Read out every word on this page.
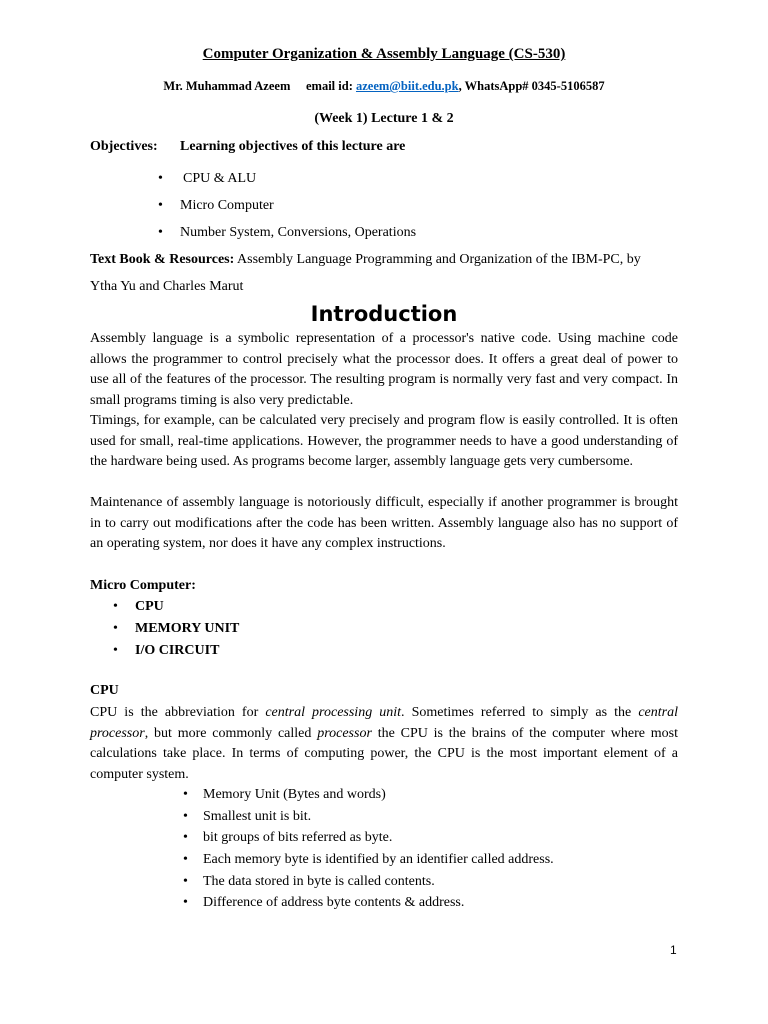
Computer Organization & Assembly Language (CS-530)
Mr. Muhammad Azeem email id: azeem@biit.edu.pk, WhatsApp# 0345-5106587
(Week 1) Lecture 1 & 2
Objectives: Learning objectives of this lecture are
• CPU & ALU
• Micro Computer
• Number System, Conversions, Operations
Text Book & Resources: Assembly Language Programming and Organization of the IBM-PC, by
Ytha Yu and Charles Marut
Introduction
Assembly language is a symbolic representation of a processor's native code. Using machine code allows the programmer to control precisely what the processor does. It offers a great deal of power to use all of the features of the processor. The resulting program is normally very fast and very compact. In small programs timing is also very predictable.
Timings, for example, can be calculated very precisely and program flow is easily controlled. It is often used for small, real-time applications. However, the programmer needs to have a good understanding of the hardware being used. As programs become larger, assembly language gets very cumbersome.
Maintenance of assembly language is notoriously difficult, especially if another programmer is brought in to carry out modifications after the code has been written. Assembly language also has no support of an operating system, nor does it have any complex instructions.
Micro Computer:
• CPU
• MEMORY UNIT
• I/O CIRCUIT
CPU
CPU is the abbreviation for central processing unit. Sometimes referred to simply as the central processor, but more commonly called processor the CPU is the brains of the computer where most calculations take place. In terms of computing power, the CPU is the most important element of a computer system.
• Memory Unit (Bytes and words)
• Smallest unit is bit.
• bit groups of bits referred as byte.
• Each memory byte is identified by an identifier called address.
• The data stored in byte is called contents.
• Difference of address byte contents & address.
1
